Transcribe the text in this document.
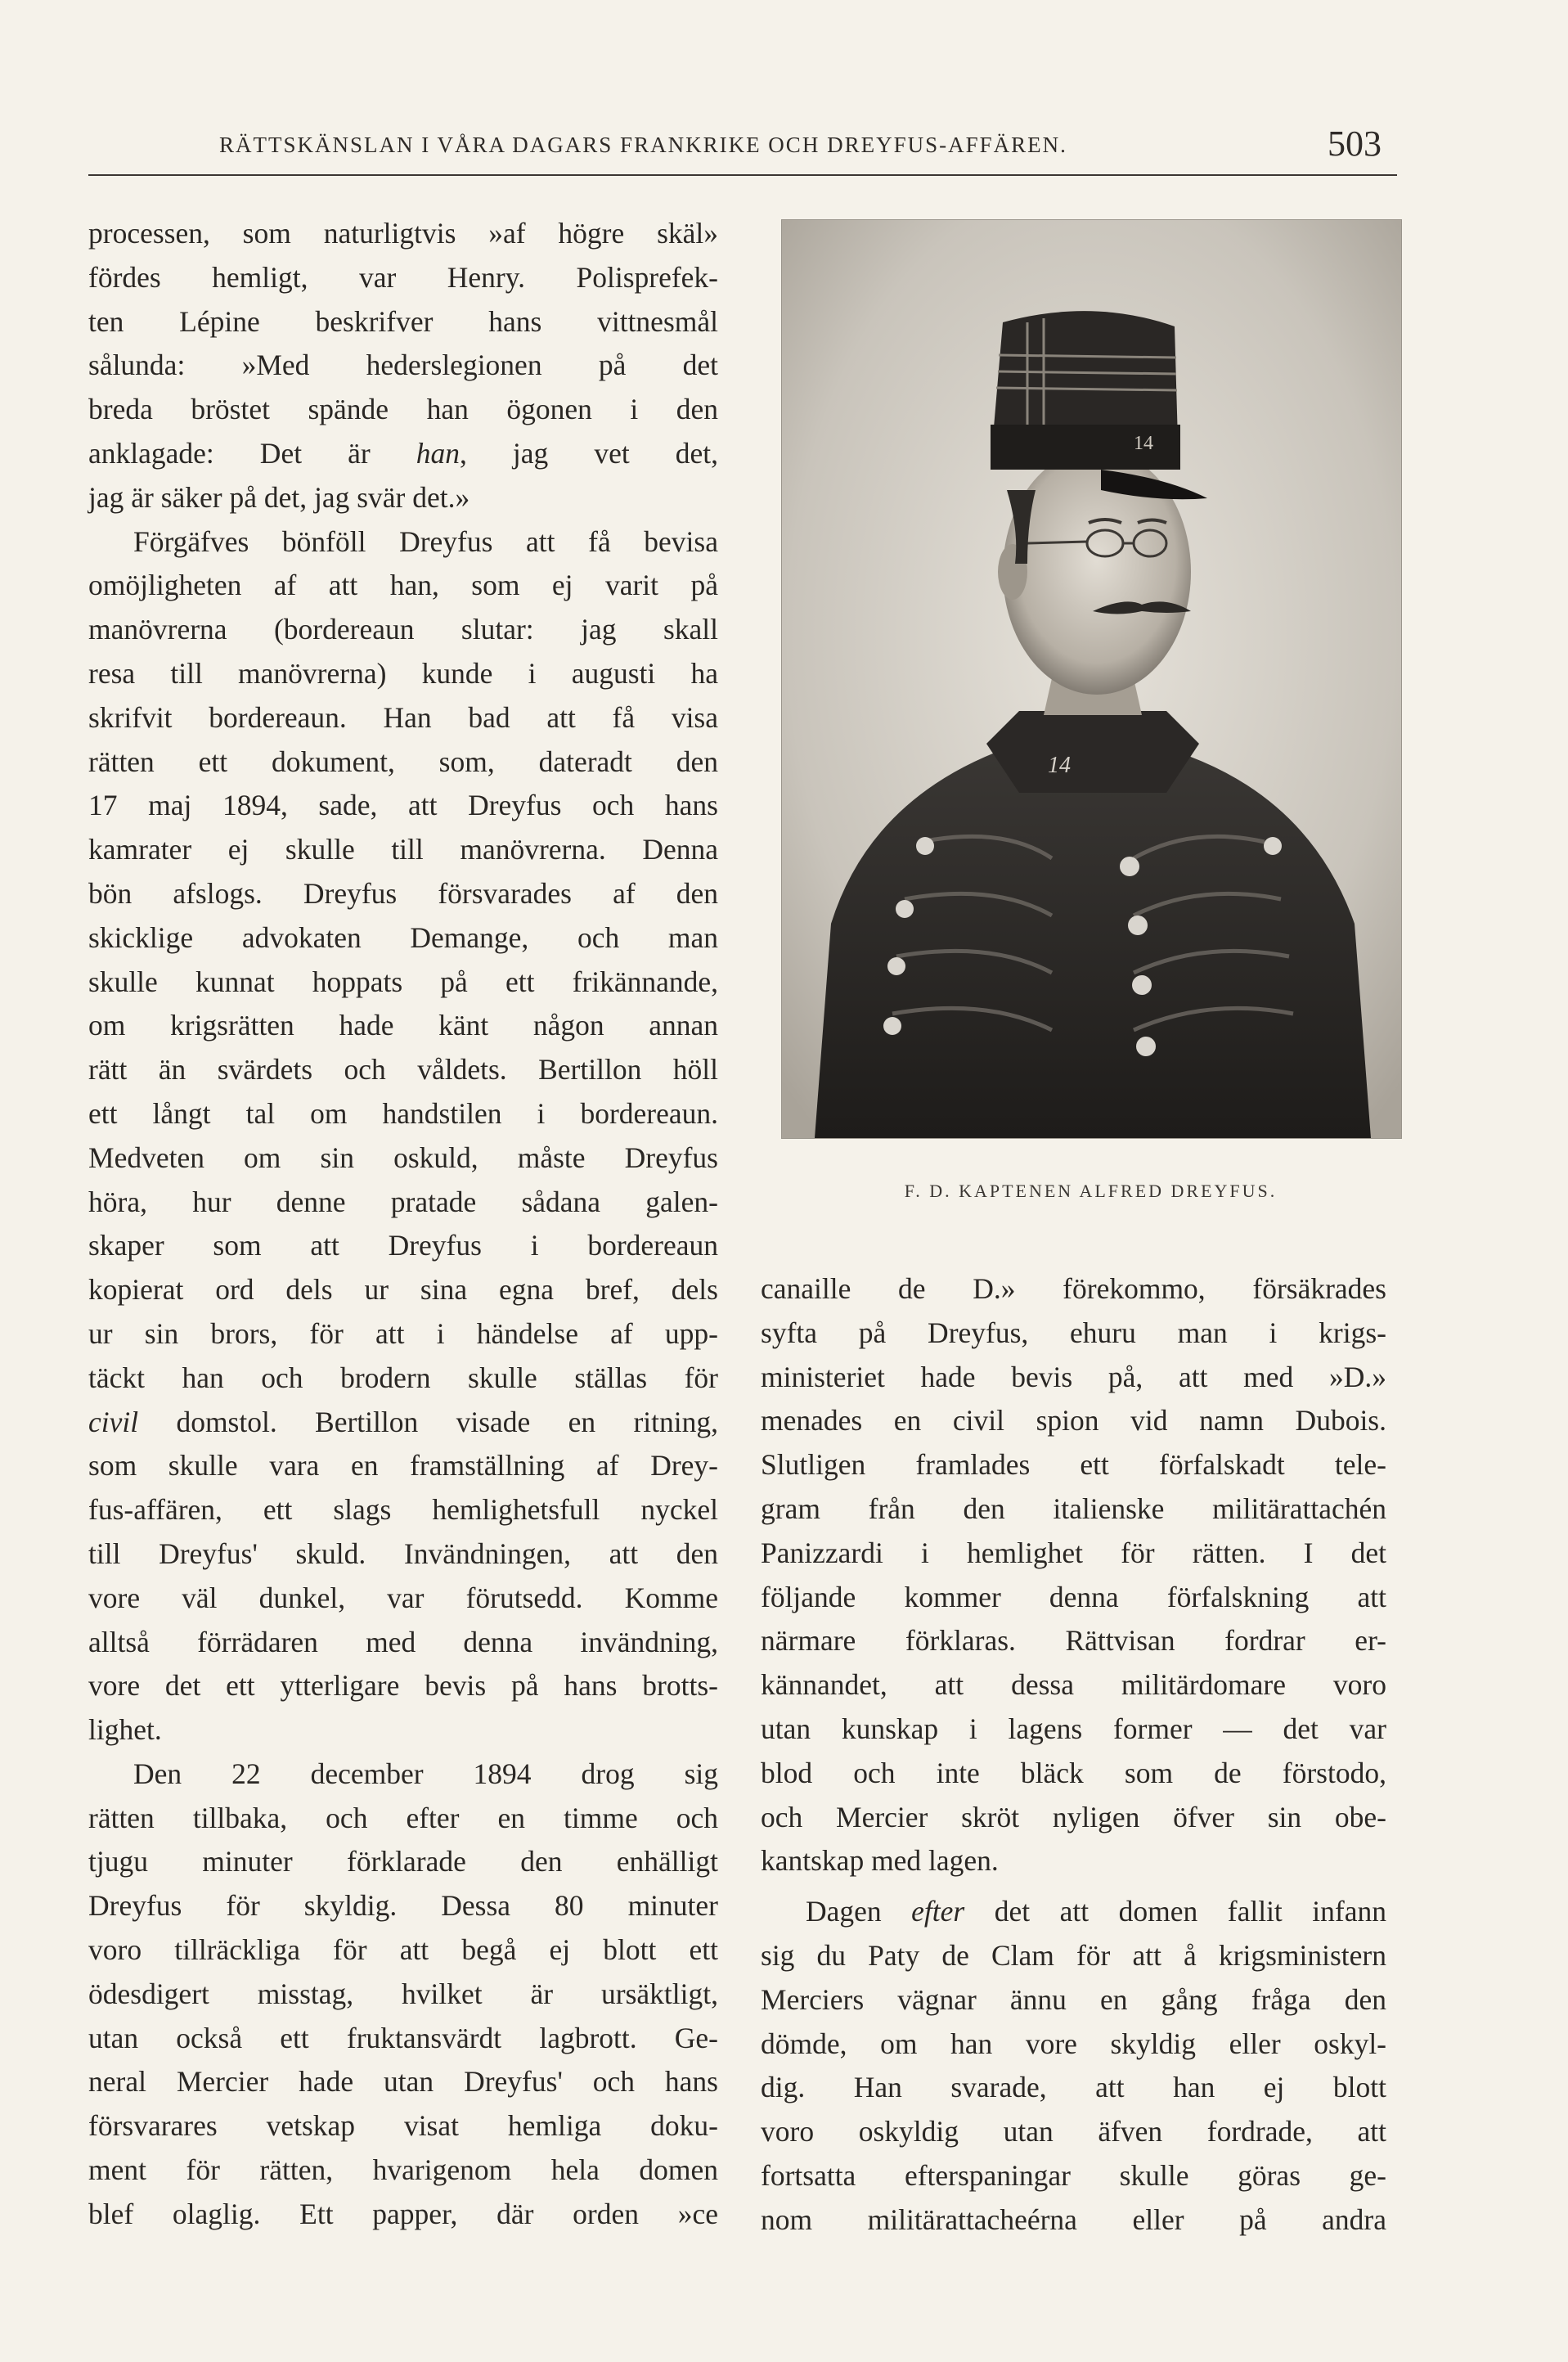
RÄTTSKÄNSLAN I VÅRA DAGARS FRANKRIKE OCH DREYFUS-AFFÄREN.	503
processen, som naturligtvis »af högre skäl»
fördes hemligt, var Henry. Polisprefek-
ten Lépine beskrifver hans vittnesmål
sålunda: »Med hederslegionen på det
breda bröstet spände han ögonen i den
anklagade: Det är han, jag vet det,
jag är säker på det, jag svär det.»
Förgäfves bönföll Dreyfus att få bevisa
omöjligheten af att han, som ej varit på
manövrerna (bordereaun slutar: jag skall
resa till manövrerna) kunde i augusti ha
skrifvit bordereaun. Han bad att få visa
rätten ett dokument, som, dateradt den
17 maj 1894, sade, att Dreyfus och hans
kamrater ej skulle till manövrerna. Denna
bön afslogs. Dreyfus försvarades af den
skicklige advokaten Demange, och man
skulle kunnat hoppats på ett frikännande,
om krigsrätten hade känt någon annan
rätt än svärdets och våldets. Bertillon höll
ett långt tal om handstilen i bordereaun.
Medveten om sin oskuld, måste Dreyfus
höra, hur denne pratade sådana galen-
skaper som att Dreyfus i bordereaun
kopierat ord dels ur sina egna bref, dels
ur sin brors, för att i händelse af upp-
täckt han och brodern skulle ställas för
civil domstol. Bertillon visade en ritning,
som skulle vara en framställning af Drey-
fus-affären, ett slags hemlighetsfull nyckel
till Dreyfus' skuld. Invändningen, att den
vore väl dunkel, var förutsedd. Komme
alltså förrädaren med denna invändning,
vore det ett ytterligare bevis på hans brotts-
lighet.
Den 22 december 1894 drog sig
rätten tillbaka, och efter en timme och
tjugu minuter förklarade den enhälligt
Dreyfus för skyldig. Dessa 80 minuter
voro tillräckliga för att begå ej blott ett
ödesdigert misstag, hvilket är ursäktligt,
utan också ett fruktansvärdt lagbrott. Ge-
neral Mercier hade utan Dreyfus' och hans
försvarares vetskap visat hemliga doku-
ment för rätten, hvarigenom hela domen
blef olaglig. Ett papper, där orden »ce
14
14
F. D. KAPTENEN ALFRED DREYFUS.
canaille de D.» förekommo, försäkrades
syfta på Dreyfus, ehuru man i krigs-
ministeriet hade bevis på, att med »D.»
menades en civil spion vid namn Dubois.
Slutligen framlades ett förfalskadt tele-
gram från den italienske militärattachén
Panizzardi i hemlighet för rätten. I det
följande kommer denna förfalskning att
närmare förklaras. Rättvisan fordrar er-
kännandet, att dessa militärdomare voro
utan kunskap i lagens former — det var
blod och inte bläck som de förstodo,
och Mercier skröt nyligen öfver sin obe-
kantskap med lagen.
Dagen efter det att domen fallit infann
sig du Paty de Clam för att å krigsministern
Merciers vägnar ännu en gång fråga den
dömde, om han vore skyldig eller oskyl-
dig. Han svarade, att han ej blott
voro oskyldig utan äfven fordrade, att
fortsatta efterspaningar skulle göras ge-
nom militärattacheérna eller på andra
